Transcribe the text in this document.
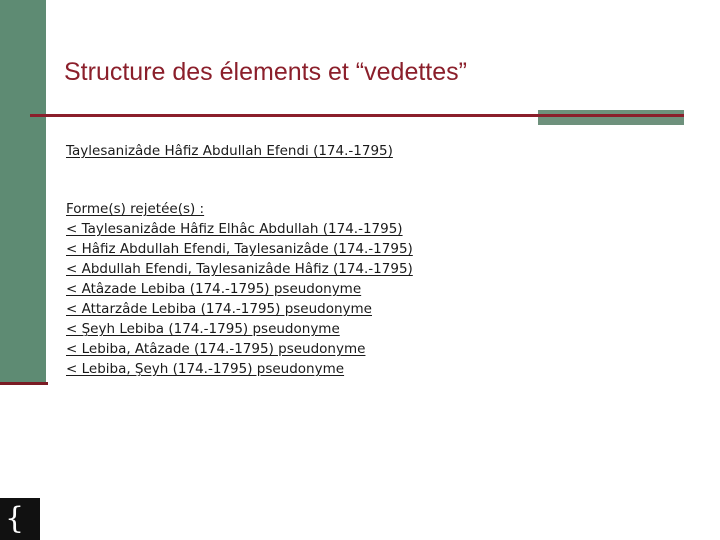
Structure des élements et “vedettes”
Taylesanizâde Hâfiz Abdullah Efendi (174.-1795)
Forme(s) rejetée(s) :
< Taylesanizâde Hâfiz Elhâc Abdullah (174.-1795)
< Hâfiz Abdullah Efendi, Taylesanizâde (174.-1795)
< Abdullah Efendi, Taylesanizâde Hâfiz (174.-1795)
< Atâzade Lebiba (174.-1795) pseudonyme
< Attarzâde Lebiba (174.-1795) pseudonyme
< Şeyh Lebiba (174.-1795) pseudonyme
< Lebiba, Atâzade (174.-1795) pseudonyme
< Lebiba, Şeyh (174.-1795) pseudonyme
{
